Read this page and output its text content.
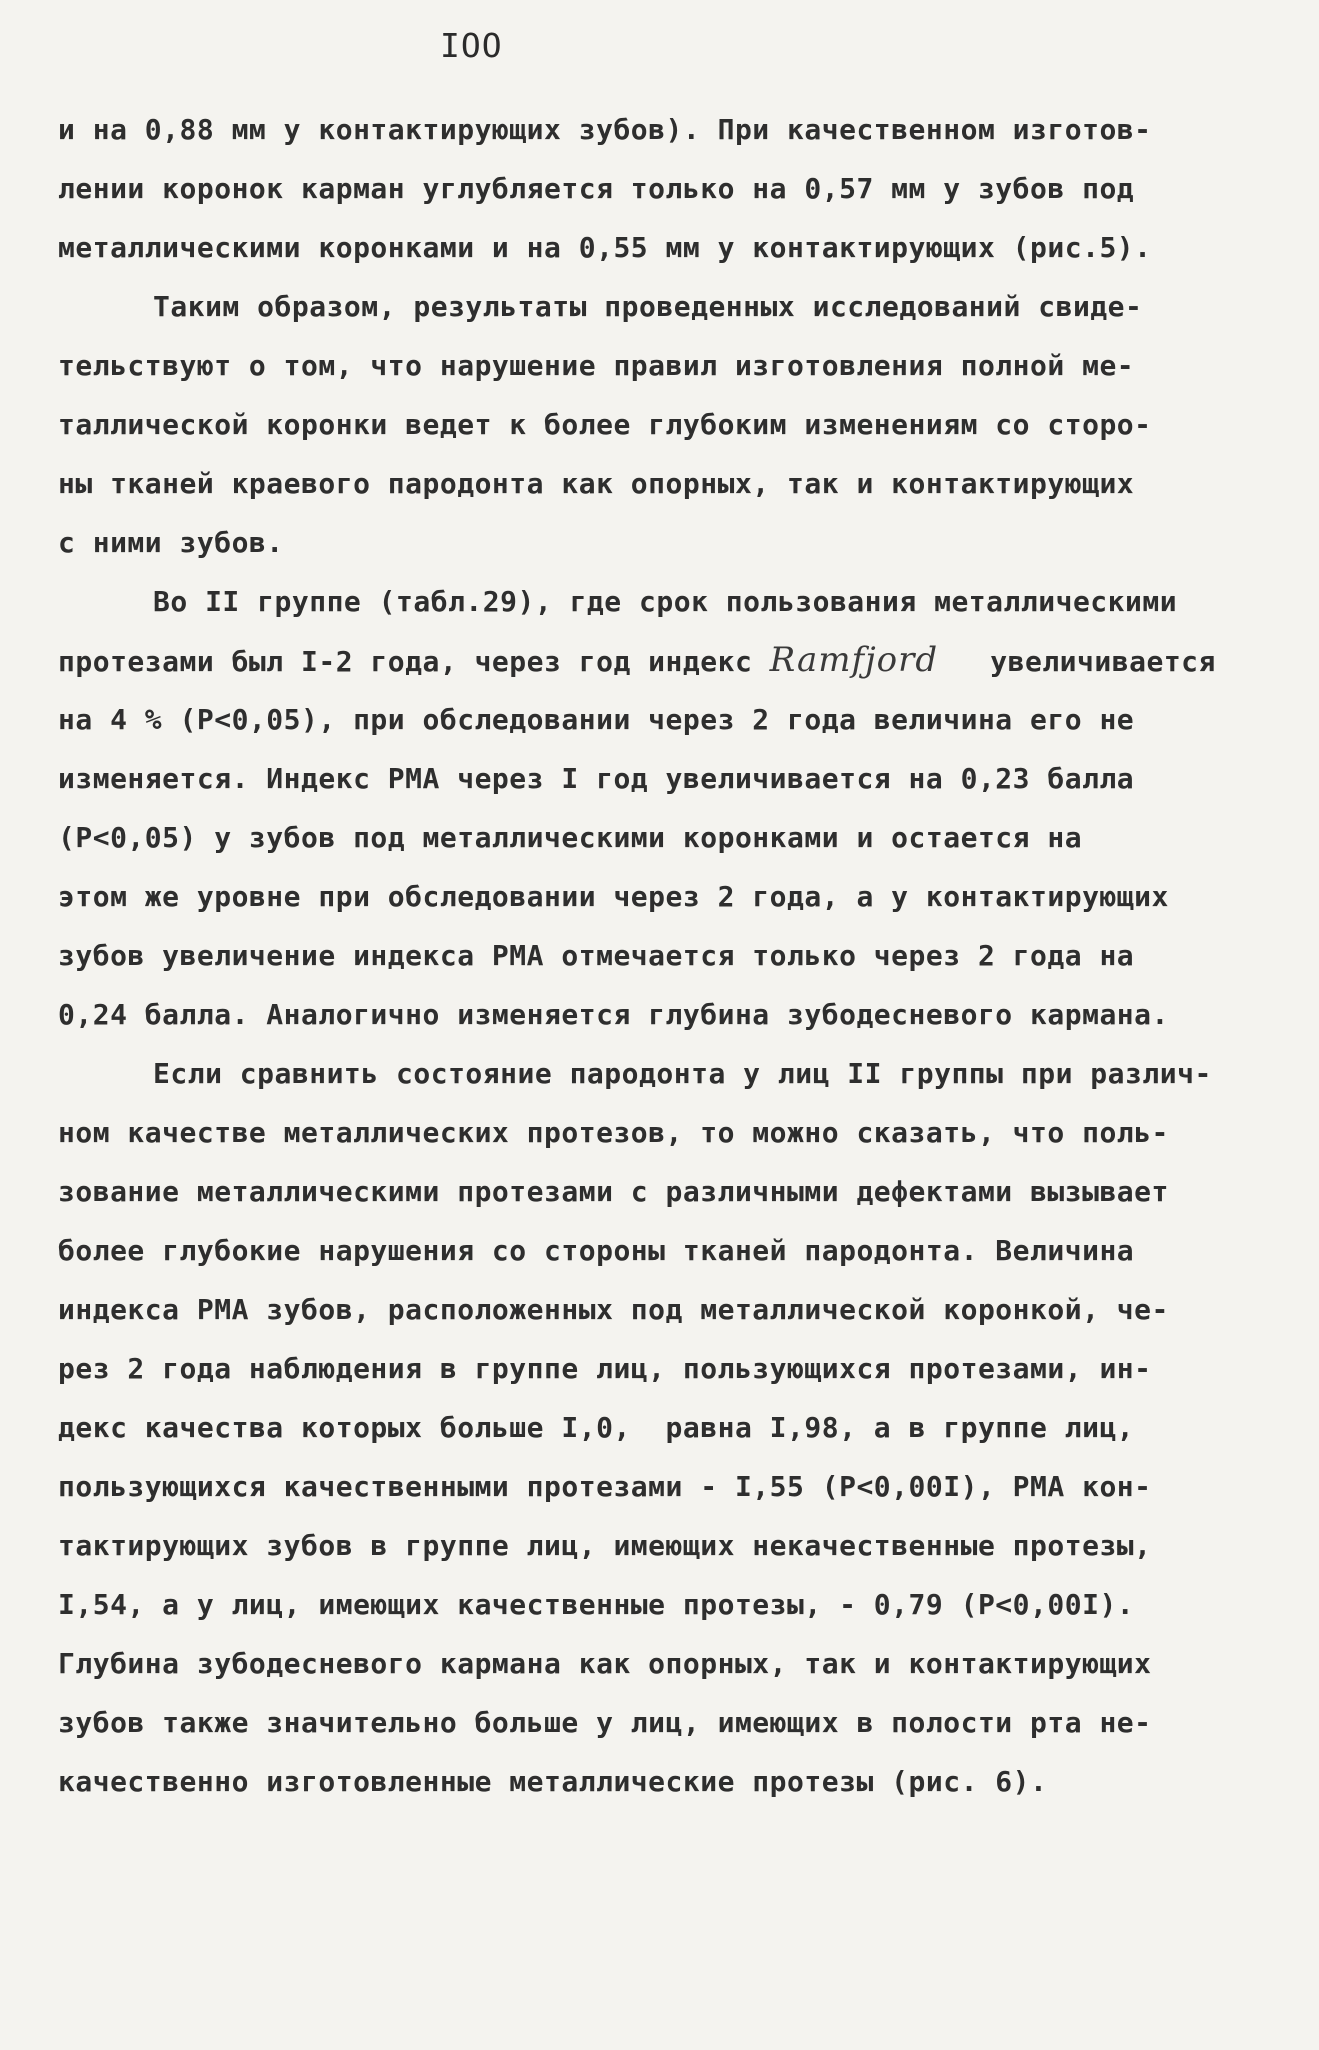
IOO
и на 0,88 мм у контактирующих зубов). При качественном изготов-
лении коронок карман углубляется только на 0,57 мм у зубов под
металлическими коронками и на 0,55 мм у контактирующих (рис.5).
Таким образом, результаты проведенных исследований свиде-
тельствуют о том, что нарушение правил изготовления полной ме-
таллической коронки ведет к более глубоким изменениям со сторо-
ны тканей краевого пародонта как опорных, так и контактирующих
с ними зубов.
Во II группе (табл.29), где срок пользования металлическими
протезами был I-2 года, через год индекс Ramfjord   увеличивается
на 4 % (Р<0,05), при обследовании через 2 года величина его не
изменяется. Индекс РМА через I год увеличивается на 0,23 балла
(Р<0,05) у зубов под металлическими коронками и остается на
этом же уровне при обследовании через 2 года, а у контактирующих
зубов увеличение индекса РМА отмечается только через 2 года на
0,24 балла. Аналогично изменяется глубина зубодесневого кармана.
Если сравнить состояние пародонта у лиц II группы при различ-
ном качестве металлических протезов, то можно сказать, что поль-
зование металлическими протезами с различными дефектами вызывает
более глубокие нарушения со стороны тканей пародонта. Величина
индекса РМА зубов, расположенных под металлической коронкой, че-
рез 2 года наблюдения в группе лиц, пользующихся протезами, ин-
декс качества которых больше I,0,  равна I,98, а в группе лиц,
пользующихся качественными протезами - I,55 (Р<0,00I), РМА кон-
тактирующих зубов в группе лиц, имеющих некачественные протезы,
I,54, а у лиц, имеющих качественные протезы, - 0,79 (Р<0,00I).
Глубина зубодесневого кармана как опорных, так и контактирующих
зубов также значительно больше у лиц, имеющих в полости рта не-
качественно изготовленные металлические протезы (рис. 6).
